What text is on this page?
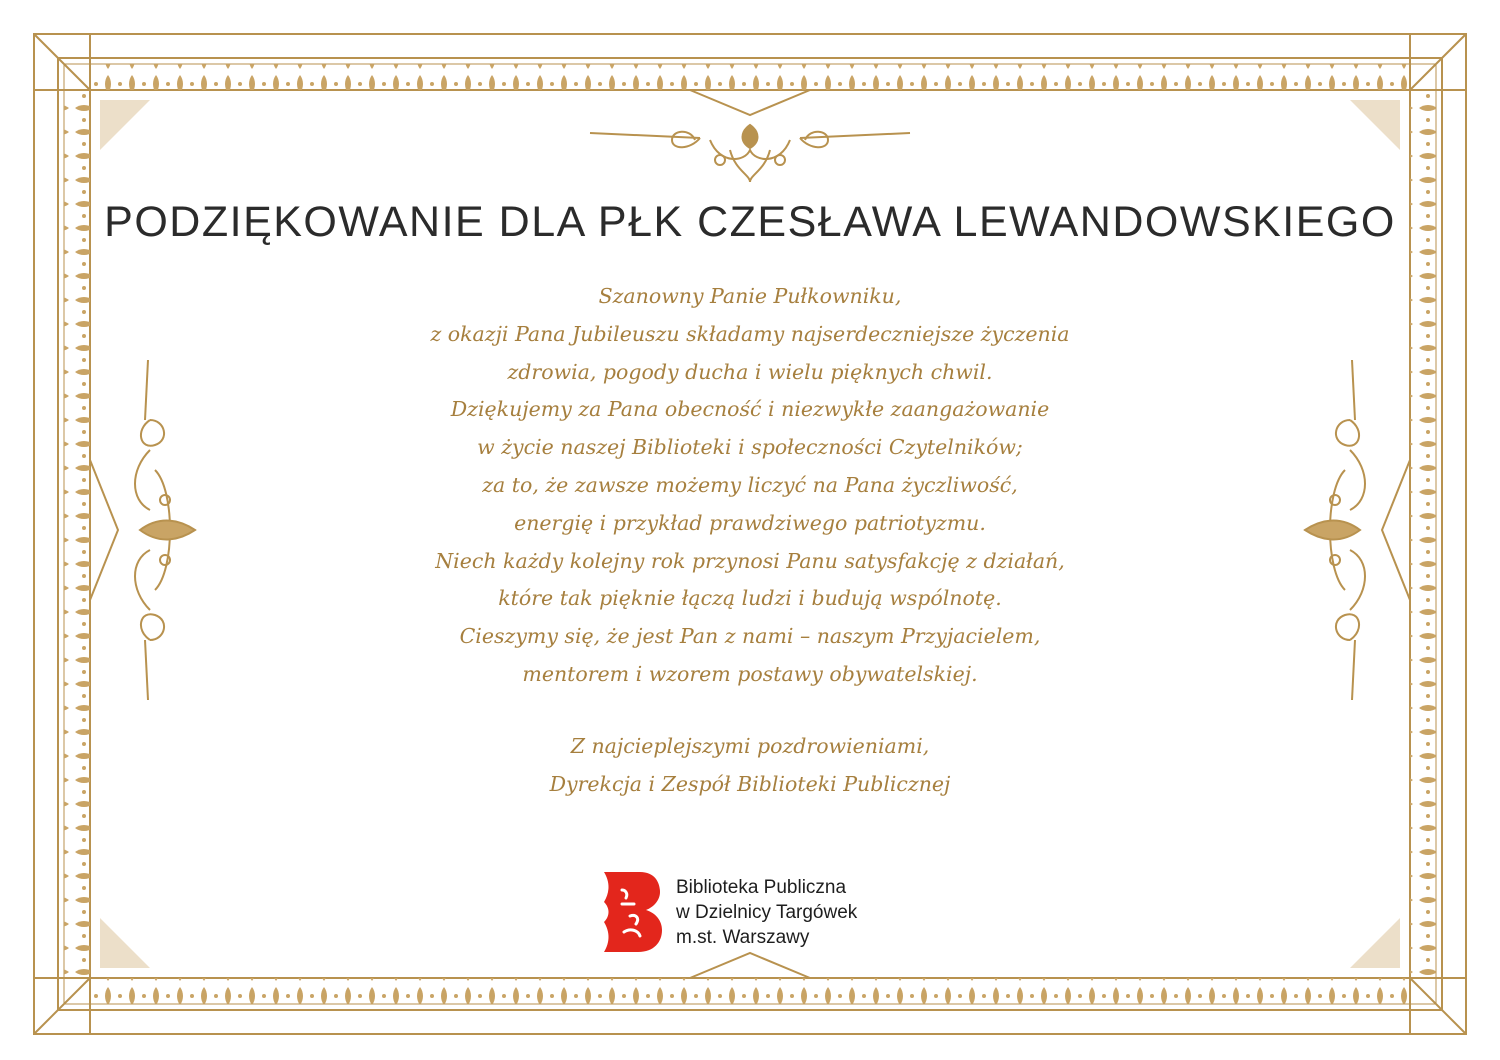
PODZIĘKOWANIE DLA PŁK CZESŁAWA LEWANDOWSKIEGO
Szanowny Panie Pułkowniku,
z okazji Pana Jubileuszu składamy najserdeczniejsze życzenia
zdrowia, pogody ducha i wielu pięknych chwil.
Dziękujemy za Pana obecność i niezwykłe zaangażowanie
w życie naszej Biblioteki i społeczności Czytelników;
za to, że zawsze możemy liczyć na Pana życzliwość,
energię i przykład prawdziwego patriotyzmu.
Niech każdy kolejny rok przynosi Panu satysfakcję z działań,
które tak pięknie łączą ludzi i budują wspólnotę.
Cieszymy się, że jest Pan z nami – naszym Przyjacielem,
mentorem i wzorem postawy obywatelskiej.
Z najcieplejszymi pozdrowieniami,
Dyrekcja i Zespół Biblioteki Publicznej
Biblioteka Publiczna
w Dzielnicy Targówek
m.st. Warszawy
